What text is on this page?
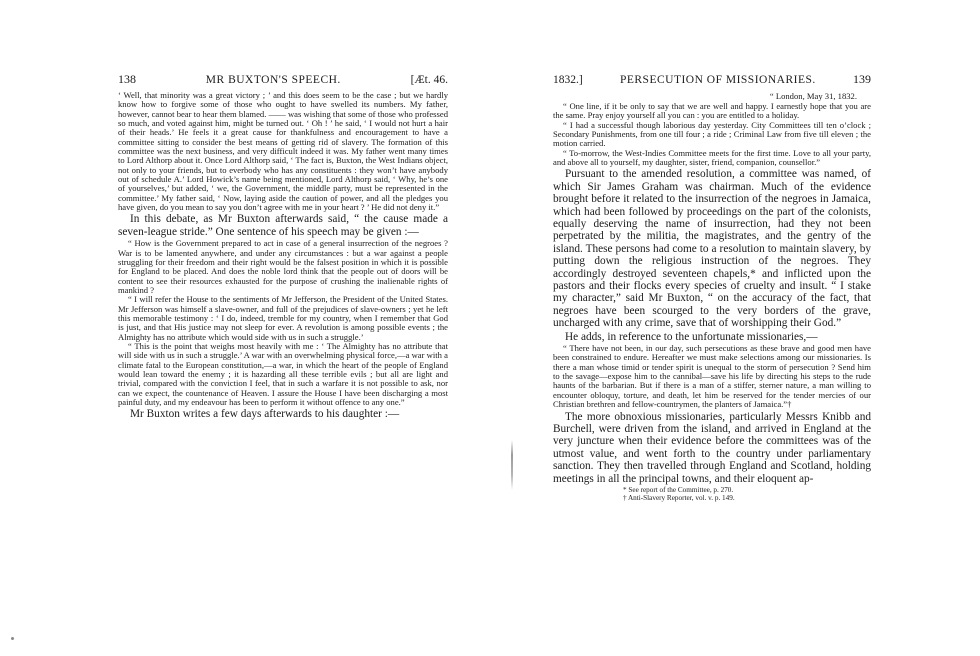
138	MR BUXTON'S SPEECH.	[Æt. 46.

‘ Well, that minority was a great victory ; ’ and this does seem to be the case ; but we hardly know how to forgive some of those who ought to have swelled its numbers. My father, however, cannot bear to hear them blamed. —— was wishing that some of those who professed so much, and voted against him, might be turned out. ‘ Oh ! ’ he said, ‘ I would not hurt a hair of their heads.’ He feels it a great cause for thankfulness and encouragement to have a committee sitting to consider the best means of getting rid of slavery. The formation of this committee was the next business, and very difficult indeed it was. My father went many times to Lord Althorp about it. Once Lord Althorp said, ‘ The fact is, Buxton, the West Indians object, not only to your friends, but to everbody who has any constituents : they won’t have anybody out of schedule A.’ Lord Howick’s name being mentioned, Lord Althorp said, ‘ Why, he’s one of yourselves,’ but added, ‘ we, the Government, the middle party, must be represented in the committee.’ My father said, ‘ Now, laying aside the caution of power, and all the pledges you have given, do you mean to say you don’t agree with me in your heart ? ’ He did not deny it.”

In this debate, as Mr Buxton afterwards said, “ the cause made a seven-league stride.” One sentence of his speech may be given :—

“ How is the Government prepared to act in case of a general insurrection of the negroes ? War is to be lamented anywhere, and under any circumstances : but a war against a people struggling for their freedom and their right would be the falsest position in which it is possible for England to be placed. And does the noble lord think that the people out of doors will be content to see their resources exhausted for the purpose of crushing the inalienable rights of mankind ?

“ I will refer the House to the sentiments of Mr Jefferson, the President of the United States. Mr Jefferson was himself a slave-owner, and full of the prejudices of slave-owners ; yet he left this memorable testimony : ‘ I do, indeed, tremble for my country, when I remember that God is just, and that His justice may not sleep for ever. A revolution is among possible events ; the Almighty has no attribute which would side with us in such a struggle.’

“ This is the point that weighs most heavily with me : ‘ The Almighty has no attribute that will side with us in such a struggle.’ A war with an overwhelming physical force,—a war with a climate fatal to the European constitution,—a war, in which the heart of the people of England would lean toward the enemy ; it is hazarding all these terrible evils ; but all are light and trivial, compared with the conviction I feel, that in such a warfare it is not possible to ask, nor can we expect, the countenance of Heaven. I assure the House I have been discharging a most painful duty, and my endeavour has been to perform it without offence to any one.”

Mr Buxton writes a few days afterwards to his daughter :—

1832.]	PERSECUTION OF MISSIONARIES.	139

“ London, May 31, 1832.

“ One line, if it be only to say that we are well and happy. I earnestly hope that you are the same. Pray enjoy yourself all you can : you are entitled to a holiday.

“ I had a successful though laborious day yesterday. City Committees till ten o’clock ; Secondary Punishments, from one till four ; a ride ; Criminal Law from five till eleven ; the motion carried.

“ To-morrow, the West-Indies Committee meets for the first time. Love to all your party, and above all to yourself, my daughter, sister, friend, companion, counsellor.”

Pursuant to the amended resolution, a committee was named, of which Sir James Graham was chairman. Much of the evidence brought before it related to the insurrection of the negroes in Jamaica, which had been followed by proceedings on the part of the colonists, equally deserving the name of insurrection, had they not been perpetrated by the militia, the magistrates, and the gentry of the island. These persons had come to a resolution to maintain slavery, by putting down the religious instruction of the negroes. They accordingly destroyed seventeen chapels,* and inflicted upon the pastors and their flocks every species of cruelty and insult. “ I stake my character,” said Mr Buxton, “ on the accuracy of the fact, that negroes have been scourged to the very borders of the grave, uncharged with any crime, save that of worshipping their God.”

He adds, in reference to the unfortunate missionaries,—

“ There have not been, in our day, such persecutions as these brave and good men have been constrained to endure. Hereafter we must make selections among our missionaries. Is there a man whose timid or tender spirit is unequal to the storm of persecution ? Send him to the savage—expose him to the cannibal—save his life by directing his steps to the rude haunts of the barbarian. But if there is a man of a stiffer, sterner nature, a man willing to encounter obloquy, torture, and death, let him be reserved for the tender mercies of our Christian brethren and fellow-countrymen, the planters of Jamaica.”†

The more obnoxious missionaries, particularly Messrs Knibb and Burchell, were driven from the island, and arrived in England at the very juncture when their evidence before the committees was of the utmost value, and went forth to the country under parliamentary sanction. They then travelled through England and Scotland, holding meetings in all the principal towns, and their eloquent ap-

* See report of the Committee, p. 270.

† Anti-Slavery Reporter, vol. v. p. 149.
